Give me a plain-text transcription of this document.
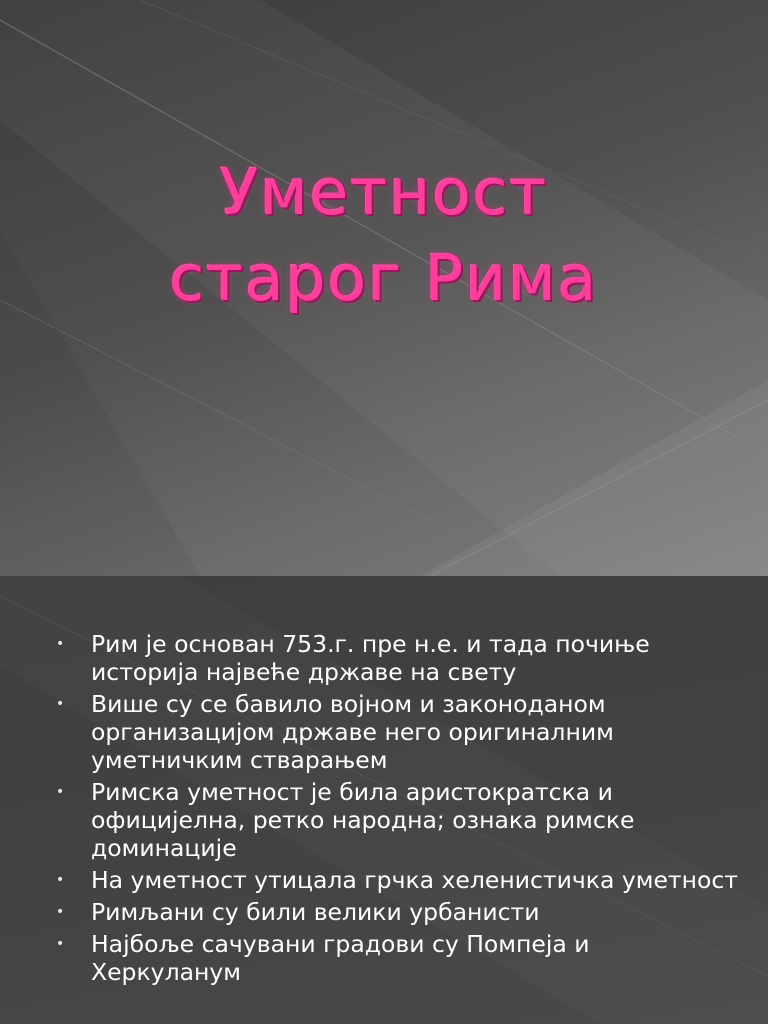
Уметност
старог Рима
• Рим је основан 753.г. пре н.е. и тада почиње историја највеће државе на свету
• Више су се бавило војном и законоданом организацијом државе него оригиналним уметничким стварањем
• Римска уметност је била аристократска и официјелна, ретко народна; ознака римске доминације
• На уметност утицала грчка хеленистичка уметност
• Римљани су били велики урбанисти
• Најбоље сачувани градови су Помпеја и Херкуланум
